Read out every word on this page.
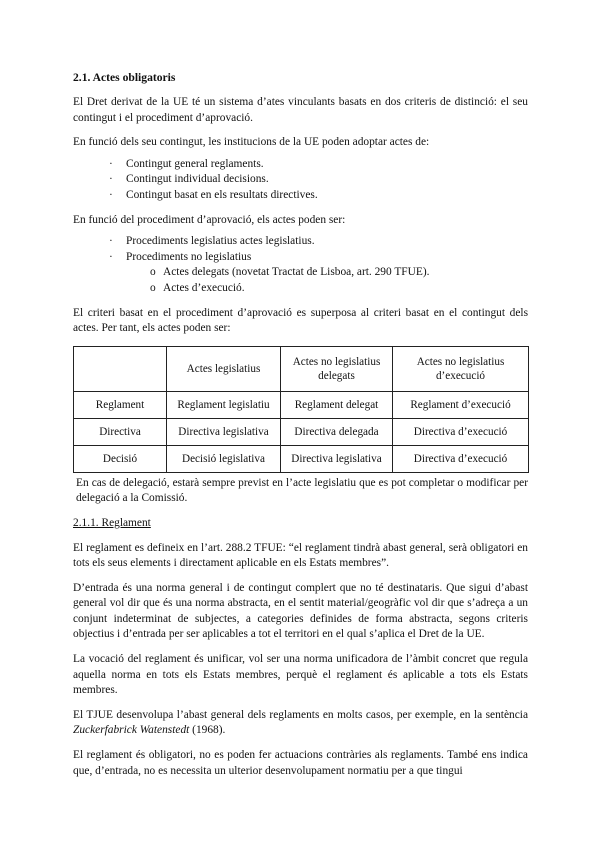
2.1. Actes obligatoris

El Dret derivat de la UE té un sistema d’ates vinculants basats en dos criteris de distinció: el seu contingut i el procediment d’aprovació.

En funció dels seu contingut, les institucions de la UE poden adoptar actes de:

· Contingut general reglaments.
· Contingut individual decisions.
· Contingut basat en els resultats directives.

En funció del procediment d’aprovació, els actes poden ser:

· Procediments legislatius actes legislatius.
· Procediments no legislatius
o Actes delegats (novetat Tractat de Lisboa, art. 290 TFUE).
o Actes d’execució.

El criteri basat en el procediment d’aprovació es superposa al criteri basat en el contingut dels actes. Per tant, els actes poden ser:

	Actes legislatius	Actes no legislatius delegats	Actes no legislatius d’execució
Reglament	Reglament legislatiu	Reglament delegat	Reglament d’execució
Directiva	Directiva legislativa	Directiva delegada	Directiva d’execució
Decisió	Decisió legislativa	Directiva legislativa	Directiva d’execució

En cas de delegació, estarà sempre previst en l’acte legislatiu que es pot completar o modificar per delegació a la Comissió.

2.1.1. Reglament

El reglament es defineix en l’art. 288.2 TFUE: “el reglament tindrà abast general, serà obligatori en tots els seus elements i directament aplicable en els Estats membres”.

D’entrada és una norma general i de contingut complert que no té destinataris. Que sigui d’abast general vol dir que és una norma abstracta, en el sentit material/geogràfic vol dir que s’adreça a un conjunt indeterminat de subjectes, a categories definides de forma abstracta, segons criteris objectius i d’entrada per ser aplicables a tot el territori en el qual s’aplica el Dret de la UE.

La vocació del reglament és unificar, vol ser una norma unificadora de l’àmbit concret que regula aquella norma en tots els Estats membres, perquè el reglament és aplicable a tots els Estats membres.

El TJUE desenvolupa l’abast general dels reglaments en molts casos, per exemple, en la sentència Zuckerfabrick Watenstedt (1968).

El reglament és obligatori, no es poden fer actuacions contràries als reglaments. També ens indica que, d’entrada, no es necessita un ulterior desenvolupament normatiu per a que tingui
